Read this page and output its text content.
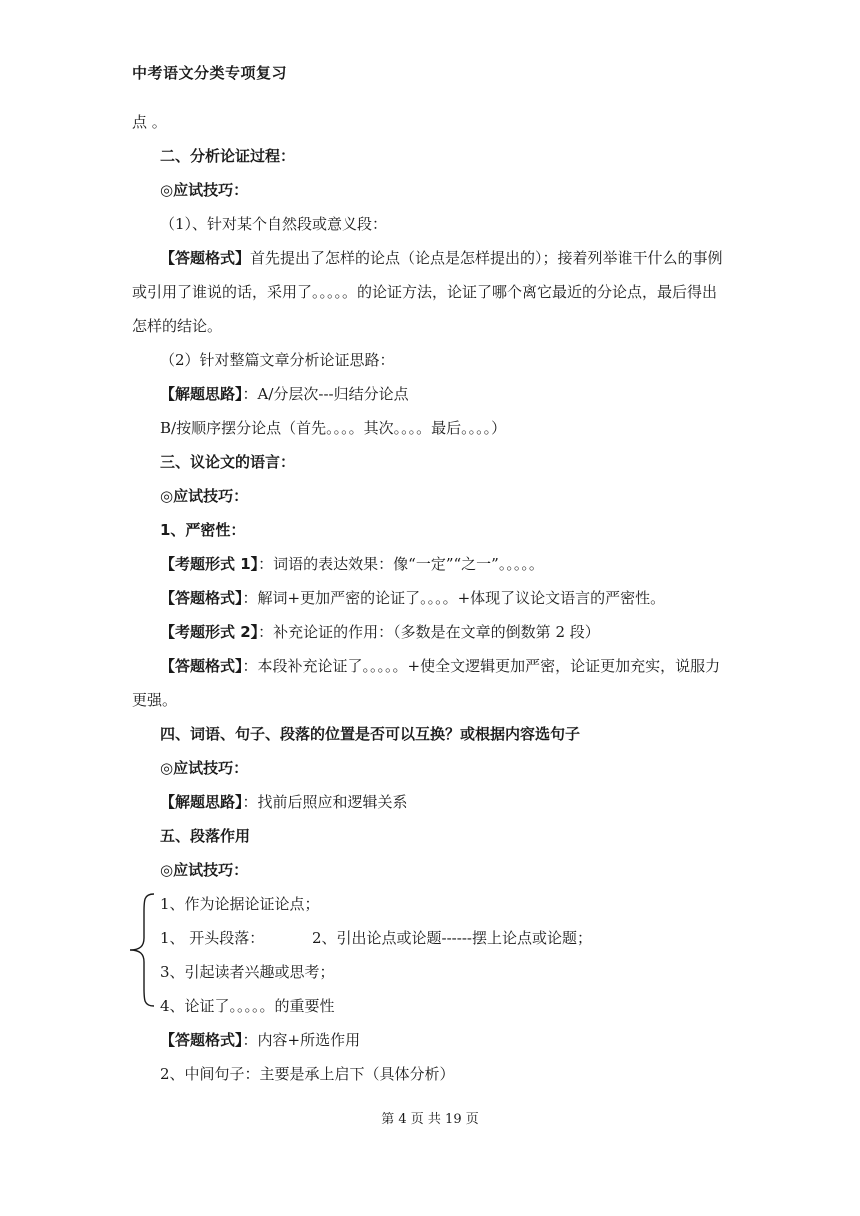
中考语文分类专项复习
点 。
二、分析论证过程：
◎应试技巧：
（1）、针对某个自然段或意义段：
【答题格式】首先提出了怎样的论点（论点是怎样提出的）；接着列举谁干什么的事例
或引用了谁说的话，采用了。。。。。的论证方法，论证了哪个离它最近的分论点，最后得出
怎样的结论。
（2）针对整篇文章分析论证思路：
【解题思路】：A/分层次---归结分论点
B/按顺序摆分论点（首先。。。。其次。。。。最后。。。。）
三、议论文的语言：
◎应试技巧：
1、严密性：
【考题形式 1】：词语的表达效果：像“一定”“之一”。。。。。
【答题格式】：解词+更加严密的论证了。。。。+体现了议论文语言的严密性。
【考题形式 2】：补充论证的作用：（多数是在文章的倒数第 2 段）
【答题格式】：本段补充论证了。。。。。+使全文逻辑更加严密，论证更加充实，说服力
更强。
四、词语、句子、段落的位置是否可以互换？或根据内容选句子
◎应试技巧：
【解题思路】：找前后照应和逻辑关系
五、段落作用
◎应试技巧：
1、作为论据论证论点；
1、 开头段落：	2、引出论点或论题------摆上论点或论题；
3、引起读者兴趣或思考；
4、论证了。。。。。的重要性
【答题格式】：内容+所选作用
2、中间句子：主要是承上启下（具体分析）
第 4 页 共 19 页
